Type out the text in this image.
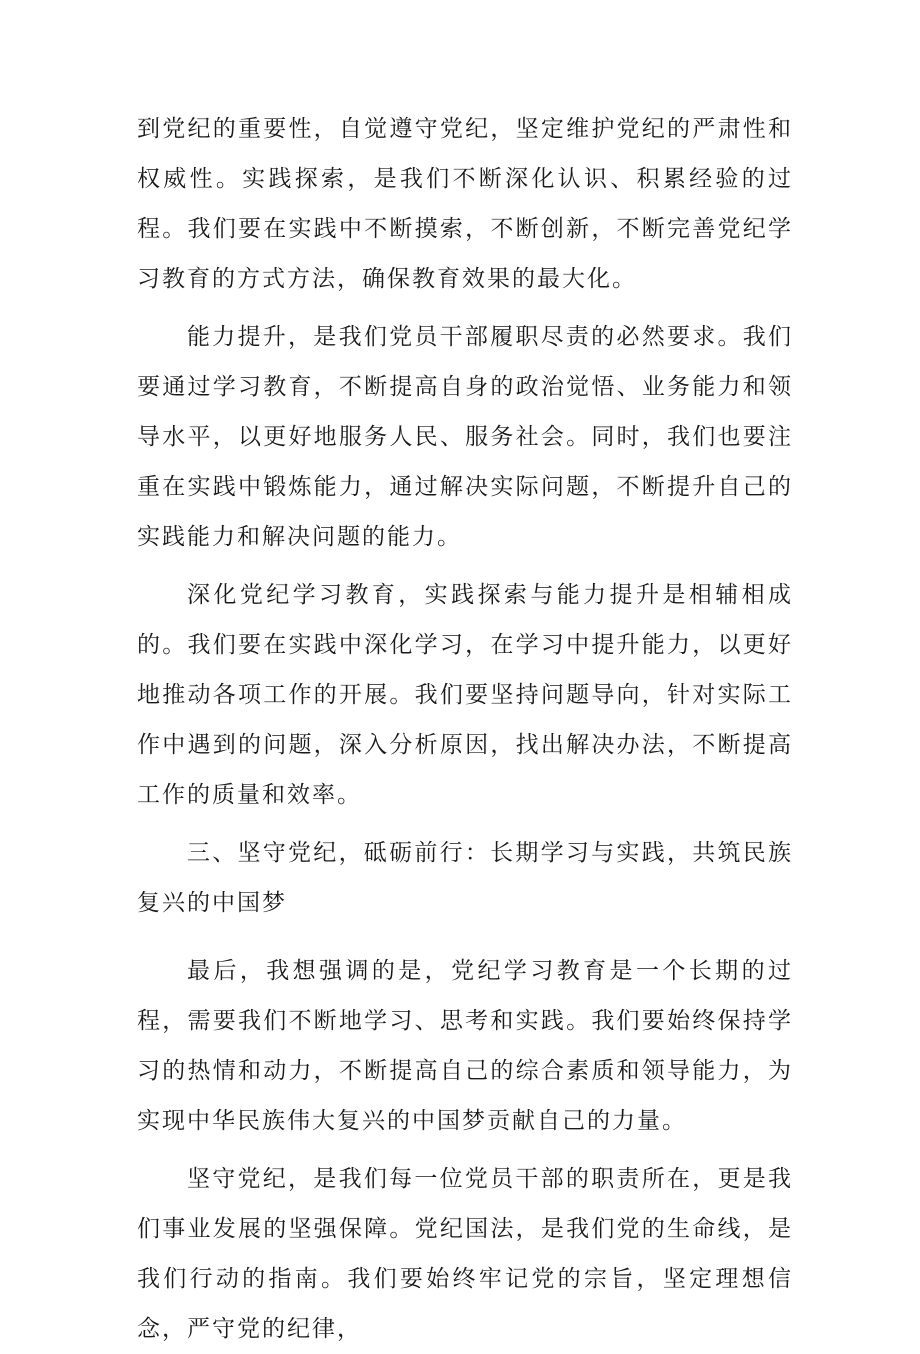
到党纪的重要性，自觉遵守党纪，坚定维护党纪的严肃性和权威性。实践探索，是我们不断深化认识、积累经验的过程。我们要在实践中不断摸索，不断创新，不断完善党纪学习教育的方式方法，确保教育效果的最大化。

能力提升，是我们党员干部履职尽责的必然要求。我们要通过学习教育，不断提高自身的政治觉悟、业务能力和领导水平，以更好地服务人民、服务社会。同时，我们也要注重在实践中锻炼能力，通过解决实际问题，不断提升自己的实践能力和解决问题的能力。

深化党纪学习教育，实践探索与能力提升是相辅相成的。我们要在实践中深化学习，在学习中提升能力，以更好地推动各项工作的开展。我们要坚持问题导向，针对实际工作中遇到的问题，深入分析原因，找出解决办法，不断提高工作的质量和效率。

三、坚守党纪，砥砺前行：长期学习与实践，共筑民族复兴的中国梦

最后，我想强调的是，党纪学习教育是一个长期的过程，需要我们不断地学习、思考和实践。我们要始终保持学习的热情和动力，不断提高自己的综合素质和领导能力，为实现中华民族伟大复兴的中国梦贡献自己的力量。

坚守党纪，是我们每一位党员干部的职责所在，更是我们事业发展的坚强保障。党纪国法，是我们党的生命线，是我们行动的指南。我们要始终牢记党的宗旨，坚定理想信念，严守党的纪律，
